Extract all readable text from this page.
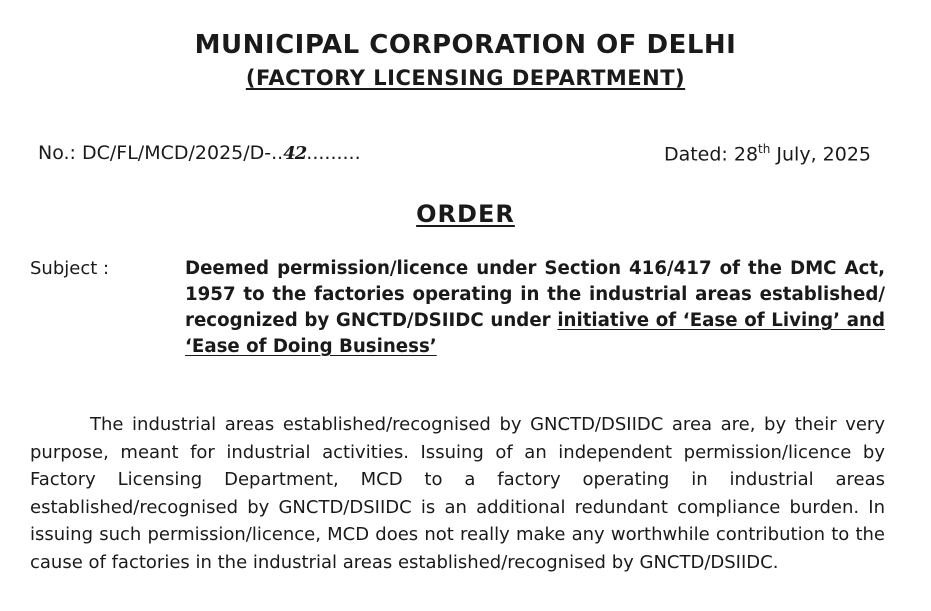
MUNICIPAL CORPORATION OF DELHI
(FACTORY LICENSING DEPARTMENT)
No.: DC/FL/MCD/2025/D-..42.........	Dated: 28th July, 2025
ORDER
Subject :	Deemed permission/licence under Section 416/417 of the DMC Act, 1957 to the factories operating in the industrial areas established/ recognized by GNCTD/DSIIDC under initiative of ‘Ease of Living’ and ‘Ease of Doing Business’
The industrial areas established/recognised by GNCTD/DSIIDC area are, by their very purpose, meant for industrial activities. Issuing of an independent permission/licence by Factory Licensing Department, MCD to a factory operating in industrial areas established/recognised by GNCTD/DSIIDC is an additional redundant compliance burden. In issuing such permission/licence, MCD does not really make any worthwhile contribution to the cause of factories in the industrial areas established/recognised by GNCTD/DSIIDC.
